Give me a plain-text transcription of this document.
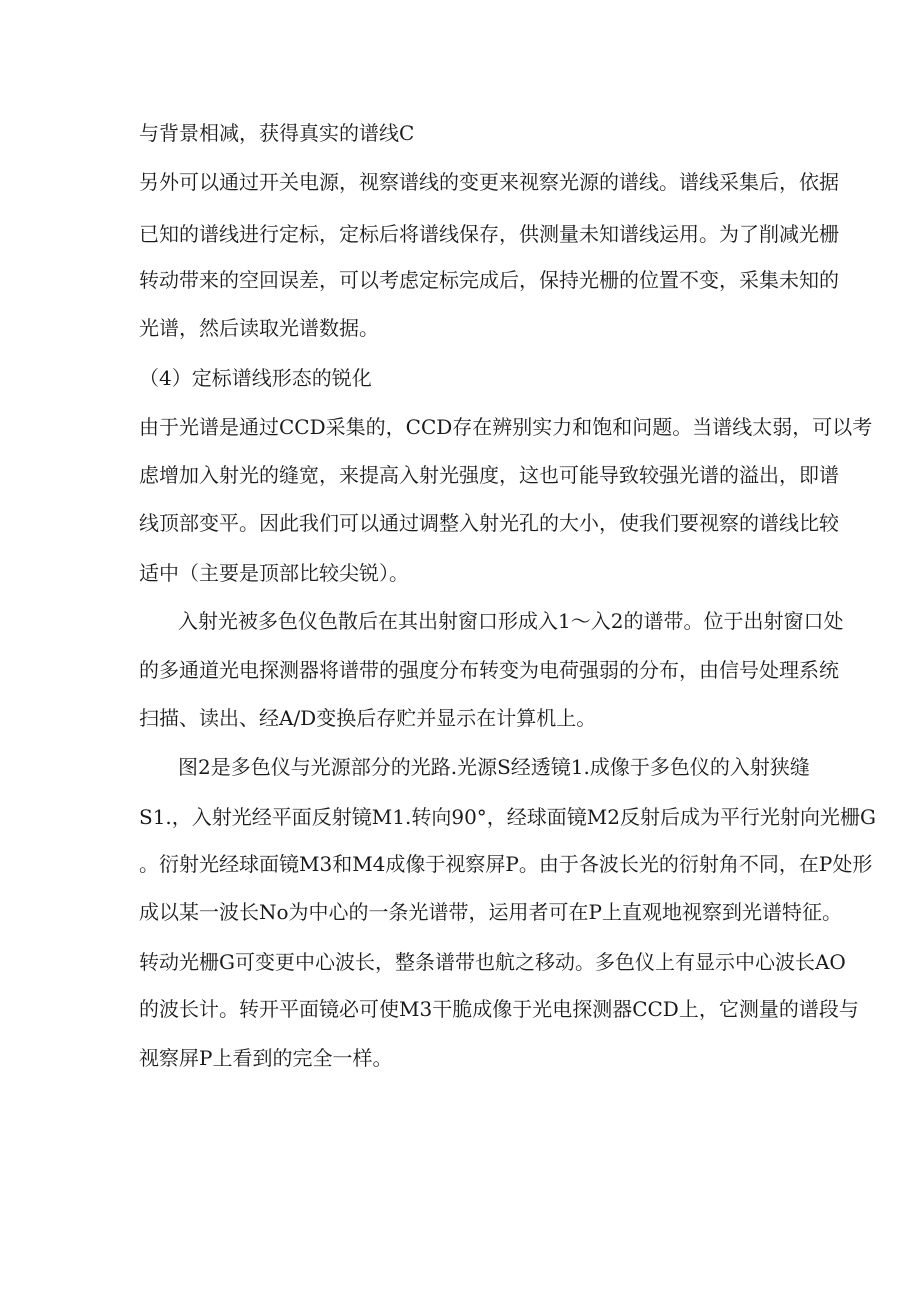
与背景相减，获得真实的谱线C
另外可以通过开关电源，视察谱线的变更来视察光源的谱线。谱线采集后，依据
已知的谱线进行定标，定标后将谱线保存，供测量未知谱线运用。为了削减光栅
转动带来的空回误差，可以考虑定标完成后，保持光栅的位置不变，采集未知的
光谱，然后读取光谱数据。
（4）定标谱线形态的锐化
由于光谱是通过CCD采集的，CCD存在辨别实力和饱和问题。当谱线太弱，可以考
虑增加入射光的缝宽，来提高入射光强度，这也可能导致较强光谱的溢出，即谱
线顶部变平。因此我们可以通过调整入射光孔的大小，使我们要视察的谱线比较
适中（主要是顶部比较尖锐）。
入射光被多色仪色散后在其出射窗口形成入1～入2的谱带。位于出射窗口处
的多通道光电探测器将谱带的强度分布转变为电荷强弱的分布，由信号处理系统
扫描、读出、经A/D变换后存贮并显示在计算机上。
图2是多色仪与光源部分的光路.光源S经透镜1.成像于多色仪的入射狭缝
S1.，入射光经平面反射镜M1.转向90°，经球面镜M2反射后成为平行光射向光栅G
。衍射光经球面镜M3和M4成像于视察屏P。由于各波长光的衍射角不同，在P处形
成以某一波长No为中心的一条光谱带，运用者可在P上直观地视察到光谱特征。
转动光栅G可变更中心波长，整条谱带也航之移动。多色仪上有显示中心波长AO
的波长计。转开平面镜必可使M3干脆成像于光电探测器CCD上，它测量的谱段与
视察屏P上看到的完全一样。
